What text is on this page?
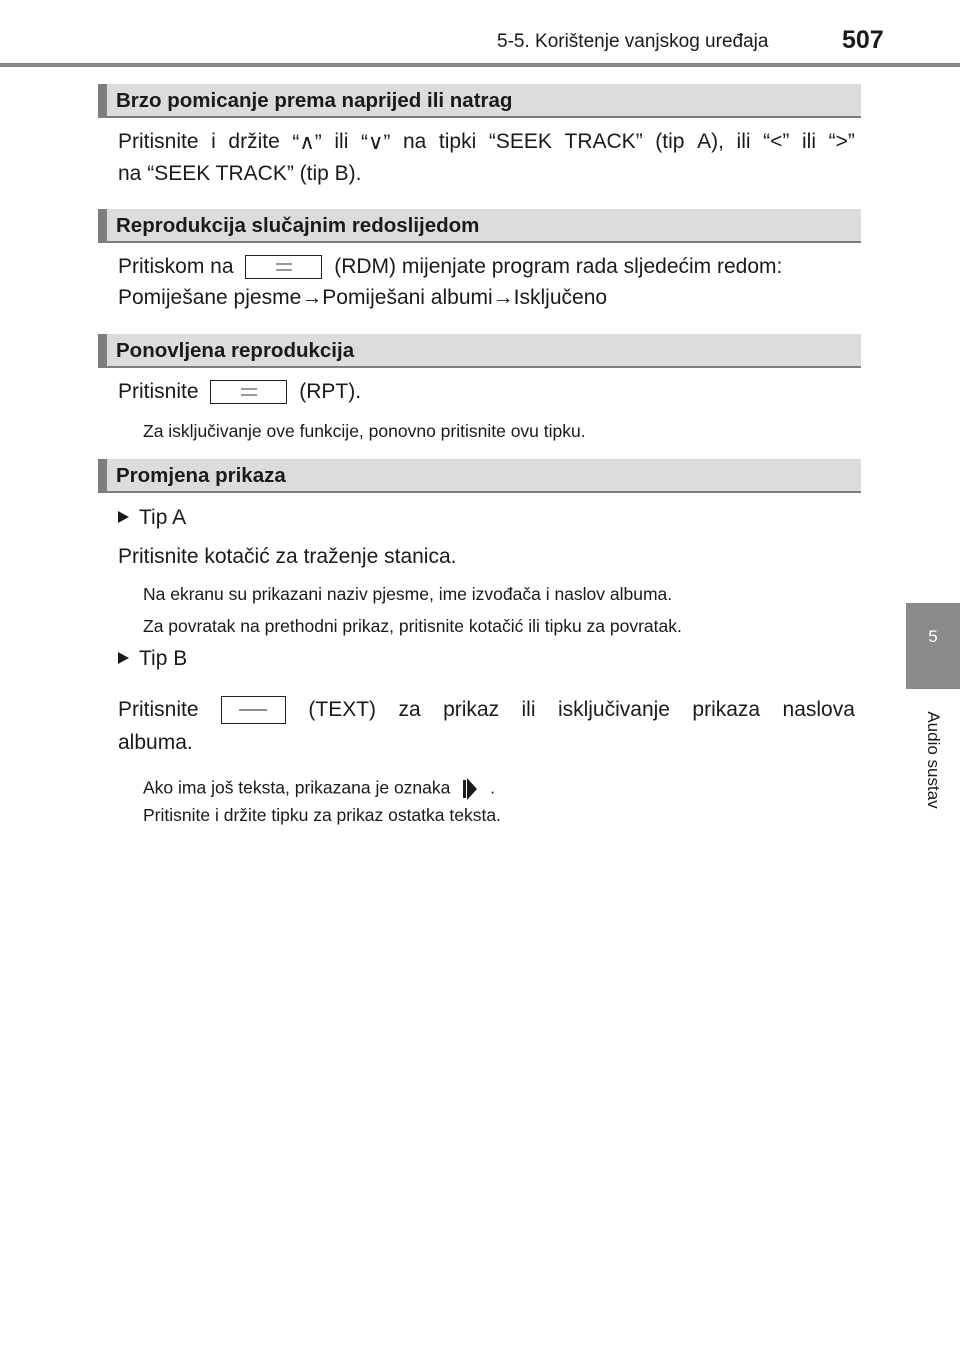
5-5. Korištenje vanjskog uređaja	507
5
Audio sustav
Brzo pomicanje prema naprijed ili natrag
Pritisnite i držite “∧” ili “∨” na tipki “SEEK TRACK” (tip A), ili “<” ili “>”
na “SEEK TRACK” (tip B).
Reprodukcija slučajnim redoslijedom
Pritiskom na	(RDM) mijenjate program rada sljedećim redom:
Pomiješane pjesme→Pomiješani albumi→Isključeno
Ponovljena reprodukcija
Pritisnite	(RPT).
Za isključivanje ove funkcije, ponovno pritisnite ovu tipku.
Promjena prikaza
Tip A
Pritisnite kotačić za traženje stanica.
Na ekranu su prikazani naziv pjesme, ime izvođača i naslov albuma.
Za povratak na prethodni prikaz, pritisnite kotačić ili tipku za povratak.
Tip B
Pritisnite	(TEXT) za prikaz ili isključivanje prikaza naslova
albuma.
Ako ima još teksta, prikazana je oznaka .
Pritisnite i držite tipku za prikaz ostatka teksta.
